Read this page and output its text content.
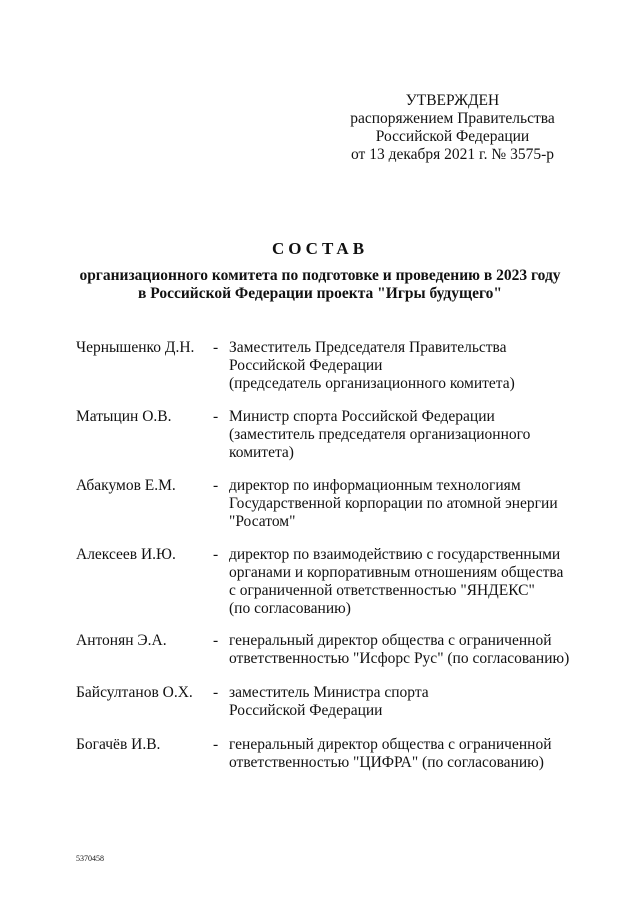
УТВЕРЖДЕН
распоряжением Правительства
Российской Федерации
от 13 декабря 2021 г. № 3575-р
СОСТАВ
организационного комитета по подготовке и проведению в 2023 году
в Российской Федерации проекта "Игры будущего"
Чернышенко Д.Н.	- Заместитель Председателя Правительства
Российской Федерации
(председатель организационного комитета)
Матыцин О.В.	- Министр спорта Российской Федерации
(заместитель председателя организационного
комитета)
Абакумов Е.М.	- директор по информационным технологиям
Государственной корпорации по атомной энергии
"Росатом"
Алексеев И.Ю.	- директор по взаимодействию с государственными
органами и корпоративным отношениям общества
с ограниченной ответственностью "ЯНДЕКС"
(по согласованию)
Антонян Э.А.	- генеральный директор общества с ограниченной
ответственностью "Исфорс Рус" (по согласованию)
Байсултанов О.Х.	- заместитель Министра спорта
Российской Федерации
Богачёв И.В.	- генеральный директор общества с ограниченной
ответственностью "ЦИФРА" (по согласованию)
5370458
